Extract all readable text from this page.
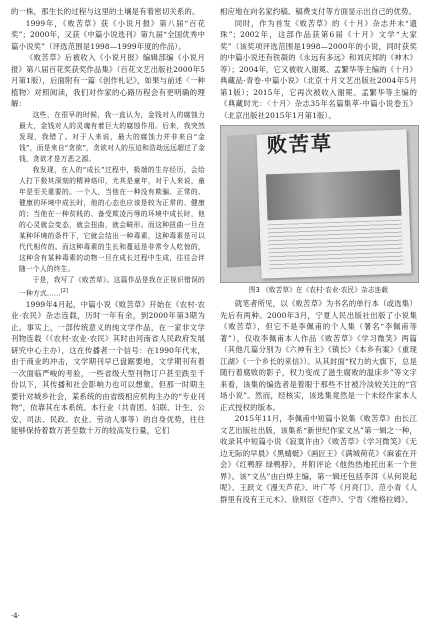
的一株，那生长的过程与这里的土壤是有着密切关系的。

1999年，《败苦草》获《小说月报》第八届“百花奖”；2000年，又获《中篇小说选刊》第九届“全国优秀中篇小说奖”（评选范围是1998—1999年度的作品）。

《败苦草》后被收入《小说月报》编辑部编《小说月报》第八届百花奖获奖作品集》（百花文艺出版社2000年5月第1版），后面附有一篇《创作札记》，如果与前述〈一种植物〉对照阅读，我们对作家的心路历程会有更明确的理解：

这些，在很早的时候，我一直认为，金钱对人的腐蚀力最大，金钱对人的灵魂有着巨大的腐蚀作用。后来，我突然发现，我错了。对于人来说，最大的腐蚀力并非来自“金钱”，而是来自“贪欲”，贪欲对人的压迫和浩劫远远超过了金钱，贪欲才是万恶之源。

我发现，在人的“成长”过程中，极端的生存经历，会给人打下极其深刻的精神烙印，尤其是童年，对于人来说，童年是至关重要的。一个人，当他在一种没有欺骗、正常的、健康的环境中成长时，他的心态也应该是较为正常的、健康的；当他在一种贫贱的、备受欺凌污辱的环境中成长时，他的心灵就会变态，就会扭曲，就会畸形。而这种扭曲一旦在某种环境的条件下，它就会结出一种毒素，这种毒素是可以代代相传的。而这种毒素的生长和蔓延是非常令人吃惊的，这种含有某种毒素的动物一旦在成长过程中生成，往往会伴随一个人的终生。

于是，我写了《败苦草》。这篇作品是我在正视识错误的一种方式……[2]

1999年4月起，中篇小说《败苦草》开始在《农村·农业·农民》杂志连载，历时一年有余，到2000年第3期为止。事实上，一部传统意义的纯文学作品，在一家非文学刊物连载（《农村·农业·农民》其时由河南省人民政府发展研究中心主办），这在传播者一个信号：在1990年代末，由于商业的冲击，文学期刊早已盘踞要地，文学期刊有着一次面临严峻的考验，一些省级大型刊物订户甚至跌至千份以下，其传播和社会影响力也可以想象。但那一时期主要针对城乡社会，某系统的由省级相应机构主办的“专业刊物”，依靠其在本系统、本行业（共青团、妇联、计生、公安、司法、民政、农业、劳动人事等）的自身优势，往往能够保持着数万甚至数十万的较高发行量，它们

相应地在向名家约稿、稿费支付等方面显示出自己的优势。

同时，作为首发《败苦草》的《十月》杂志并未“遗珠”；2002年，这部作品获第6届《十月》文学“大家奖”（该奖项评选范围是1998—2000年的小说，同时获奖的中篇小说还有铁凝的《永远有多远》和刘庆邦的《神木》等）；2004年，它又被收入谢冕、孟繁华等主编的《十月》典藏品·青卷·中篇小说》（北京十月文艺出版社2004年5月第1版）；2015年，它再次被收入谢冕、孟繁华等主编的《典藏时光：〈十月〉杂志35年名篇集萃·中篇小说卷五》（北京出版社2015年1月第1版）。

败苦草
图3 《败苦草》在《农村·农业·农民》杂志连载

就笔者所见，以《败苦草》为书名的单行本（或选集）先后有两种。2000年3月，宁夏人民出版社出版了小说集《败苦草》，但它不是李佩甫的个人集（署名“李佩甫等著”），仅收李佩甫本人作品《败苦草》《学习微笑》两篇（其他几篇分别为《六神有主》《镇长》《本乡有案》《重现江湖》《一个乡长的来信》）。从其封面“权力的大旗下，总是随行着腐败的影子，权力变成了滋生腐败的温床乡”等文字来看，该集的编选者是着眼于那些不甘被冷淡较关注的“官场小说”。然而，经核实，该选集竟然是一个未经作家本人正式授权的版本。

2015年11月，李佩甫中短篇小说集《败苦草》由长江文艺出版社出版，该集系“新世纪作家文丛”第一辑之一种，收录其中短篇小说《寂寞许由》《败苦草》《学习微笑》《无边无际的早晨》《黑蜻蜓》《画匠王》《满城荷花》《麻雀在开会》《红鸭脖 绿鸭脖》，并附评论《他热热地托出来一个世界》。该“文丛”由白烨主编，第一辑还包括李洱《从何说起呢》、王跃文《漫天芦花》、叶广芩《月亮门》、范小青《人群里有没有王元木》、徐则臣《苍声》、宁肯《维格拉姆》、

·4·
